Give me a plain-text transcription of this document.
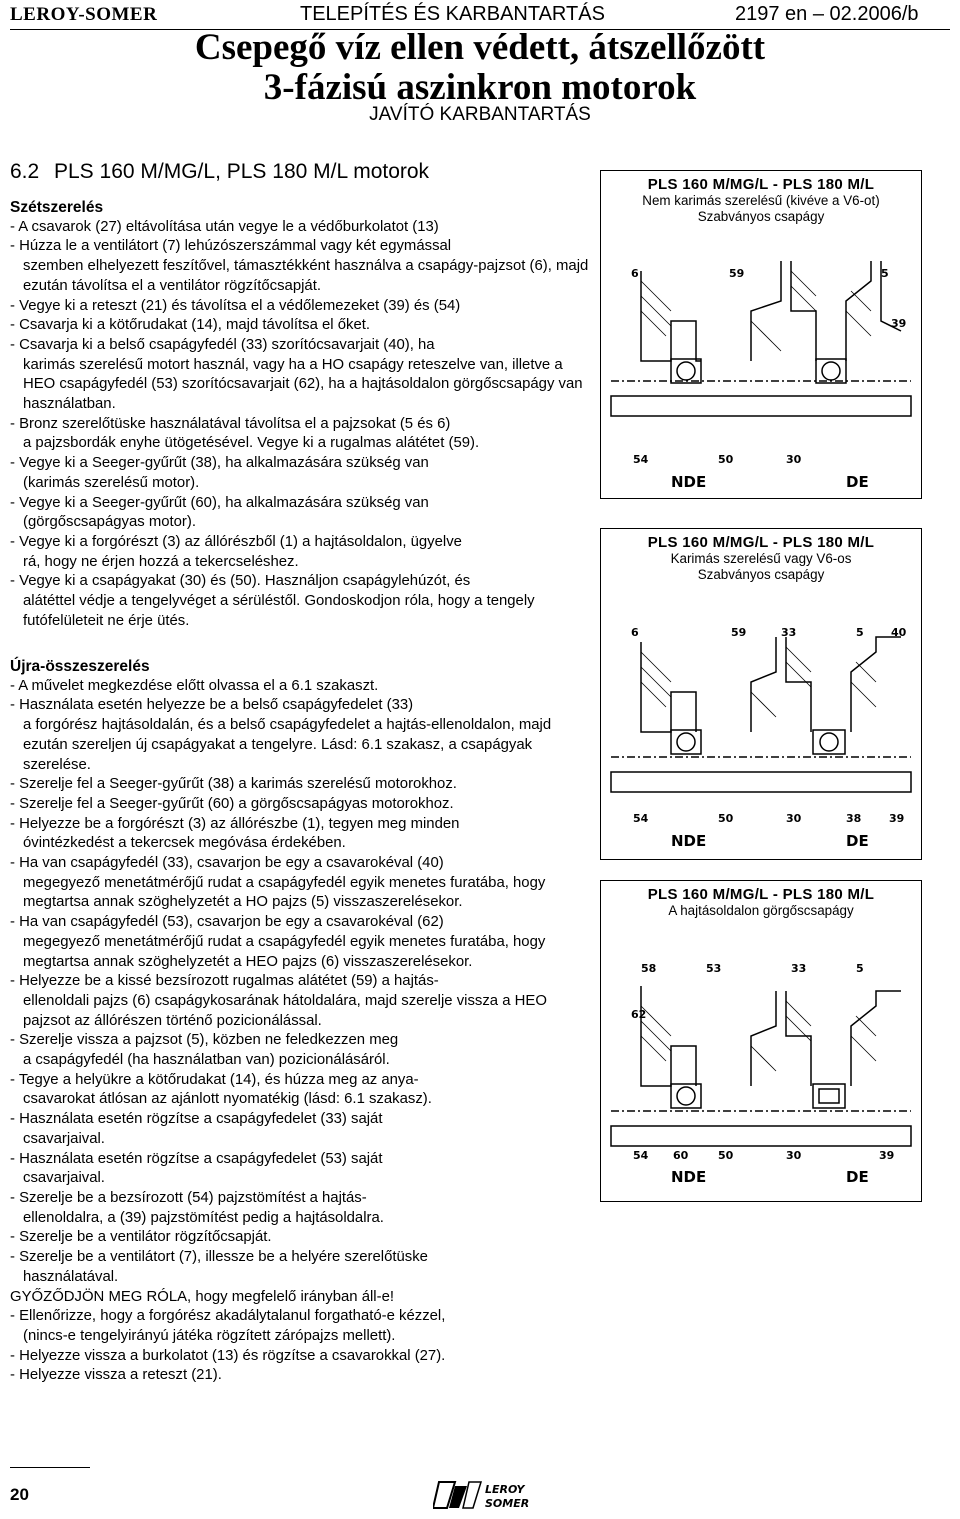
LEROY-SOMER	TELEPÍTÉS ÉS KARBANTARTÁS	2197 en – 02.2006/b
Csepegő víz ellen védett, átszellőzött
3-fázisú aszinkron motorok
JAVÍTÓ KARBANTARTÁS
6.2 PLS 160 M/MG/L, PLS 180 M/L motorok

Szétszerelés

- A csavarok (27) eltávolítása után vegye le a védőburkolatot (13)

- Húzza le a ventilátort (7) lehúzószerszámmal vagy két egymással

szemben elhelyezett feszítővel, támasztékként használva a csapágy-pajzsot (6), majd ezután távolítsa el a ventilátor rögzítőcsapját.

- Vegye ki a reteszt (21) és távolítsa el a védőlemezeket (39) és (54)

- Csavarja ki a kötőrudakat (14), majd távolítsa el őket.

- Csavarja ki a belső csapágyfedél (33) szorítócsavarjait (40), ha

karimás szerelésű motort használ, vagy ha a HO csapágy reteszelve van, illetve a HEO csapágyfedél (53) szorítócsavarjait (62), ha a hajtásoldalon görgőscsapágy van használatban.

- Bronz szerelőtüske használatával távolítsa el a pajzsokat (5 és 6)

a pajzsbordák enyhe ütögetésével. Vegye ki a rugalmas alátétet (59).

- Vegye ki a Seeger-gyűrűt (38), ha alkalmazására szükség van

(karimás szerelésű motor).

- Vegye ki a Seeger-gyűrűt (60), ha alkalmazására szükség van

(görgőscsapágyas motor).

- Vegye ki a forgórészt (3) az állórészből (1) a hajtásoldalon, ügyelve

rá, hogy ne érjen hozzá a tekercseléshez.

- Vegye ki a csapágyakat (30) és (50). Használjon csapágylehúzót, és

alátéttel védje a tengelyvéget a sérüléstől. Gondoskodjon róla, hogy a tengely futófelületeit ne érje ütés.

Újra-összeszerelés

- A művelet megkezdése előtt olvassa el a 6.1 szakaszt.

- Használata esetén helyezze be a belső csapágyfedelet (33)

a forgórész hajtásoldalán, és a belső csapágyfedelet a hajtás-ellenoldalon, majd ezután szereljen új csapágyakat a tengelyre. Lásd: 6.1 szakasz, a csapágyak szerelése.

- Szerelje fel a Seeger-gyűrűt (38) a karimás szerelésű motorokhoz.

- Szerelje fel a Seeger-gyűrűt (60) a görgőscsapágyas motorokhoz.

- Helyezze be a forgórészt (3) az állórészbe (1), tegyen meg minden

óvintézkedést a tekercsek megóvása érdekében.

- Ha van csapágyfedél (33), csavarjon be egy a csavarokéval (40)

megegyező menetátmérőjű rudat a csapágyfedél egyik menetes furatába, hogy megtartsa annak szöghelyzetét a HO pajzs (5) visszaszerelésekor.

- Ha van csapágyfedél (53), csavarjon be egy a csavarokéval (62)

megegyező menetátmérőjű rudat a csapágyfedél egyik menetes furatába, hogy megtartsa annak szöghelyzetét a HEO pajzs (6) visszaszerelésekor.

- Helyezze be a kissé bezsírozott rugalmas alátétet (59) a hajtás-

ellenoldali pajzs (6) csapágykosarának hátoldalára, majd szerelje vissza a HEO pajzsot az állórészen történő pozicionálással.

- Szerelje vissza a pajzsot (5), közben ne feledkezzen meg

a csapágyfedél (ha használatban van) pozicionálásáról.

- Tegye a helyükre a kötőrudakat (14), és húzza meg az anya-

csavarokat átlósan az ajánlott nyomatékig (lásd: 6.1 szakasz).

- Használata esetén rögzítse a csapágyfedelet (33) saját

csavarjaival.

- Használata esetén rögzítse a csapágyfedelet (53) saját

csavarjaival.

- Szerelje be a bezsírozott (54) pajzstömítést a hajtás-

ellenoldalra, a (39) pajzstömítést pedig a hajtásoldalra.

- Szerelje be a ventilátor rögzítőcsapját.

- Szerelje be a ventilátort (7), illessze be a helyére szerelőtüske

használatával.

GYŐZŐDJÖN MEG RÓLA, hogy megfelelő irányban áll-e!

- Ellenőrizze, hogy a forgórész akadálytalanul forgatható-e kézzel,

(nincs-e tengelyirányú játéka rögzített zárópajzs mellett).

- Helyezze vissza a burkolatot (13) és rögzítse a csavarokkal (27).

- Helyezze vissza a reteszt (21).

PLS 160 M/MG/L - PLS 180 M/L
Nem karimás szerelésű (kivéve a V6-ot)
Szabványos csapágy
6	59	5
39
54	50	30
NDE	DE
PLS 160 M/MG/L - PLS 180 M/L
Karimás szerelésű vagy V6-os
Szabványos csapágy
6	59	33	5 40
54	50	30	38	39
NDE	DE
PLS 160 M/MG/L - PLS 180 M/L
A hajtásoldalon görgőscsapágy
58	53	33	5
62
54 60	50	30	39
NDE	DE
20	LEROY
SOMER
